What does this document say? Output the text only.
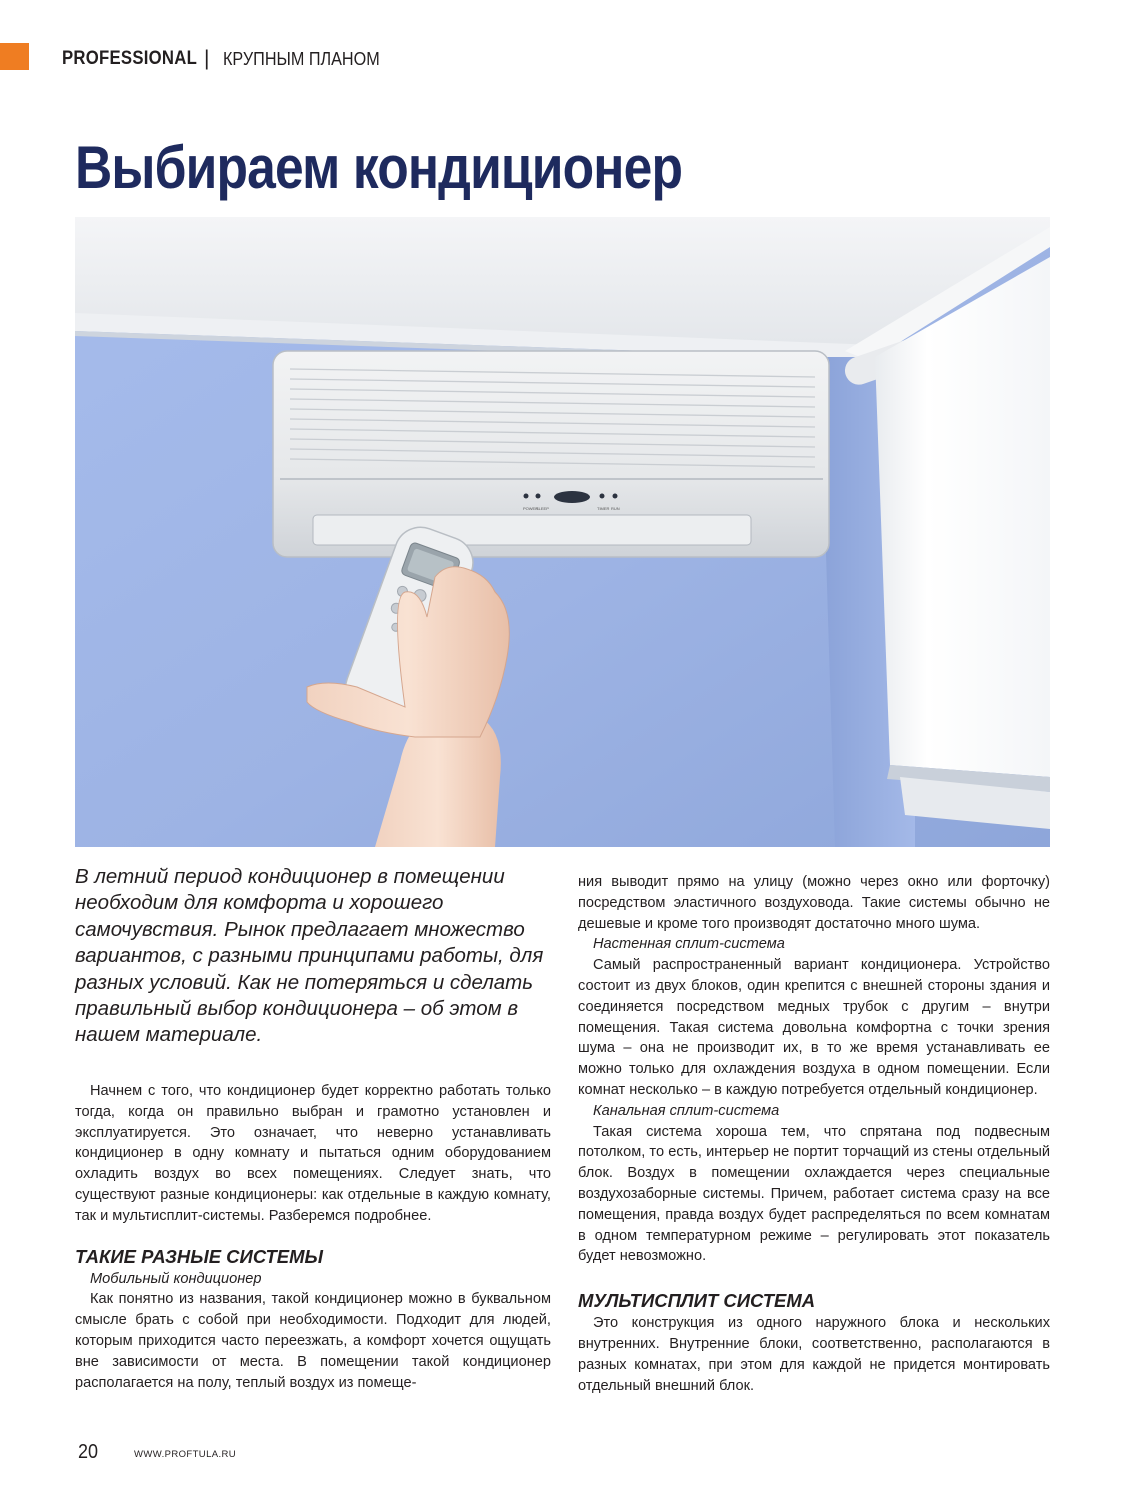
PROFESSIONAL | КРУПНЫМ ПЛАНОМ
Выбираем кондиционер
POWER
SLEEP	TIMER RUN

В летний период кондиционер в помещении необходим для комфорта и хорошего самочувствия. Рынок предлагает множество вариантов, с разными принципами работы, для разных условий. Как не потеряться и сделать правильный выбор кондиционера – об этом в нашем материале.

Начнем с того, что кондиционер будет корректно работать только тогда, когда он правильно выбран и грамотно установлен и эксплуатируется. Это означает, что неверно устанавливать кондиционер в одну комнату и пытаться одним оборудованием охладить воздух во всех помещениях. Следует знать, что существуют разные кондиционеры: как отдельные в каждую комнату, так и мультисплит-системы. Разберемся подробнее.

ТАКИЕ РАЗНЫЕ СИСТЕМЫ

Мобильный кондиционер

Как понятно из названия, такой кондиционер можно в буквальном смысле брать с собой при необходимости. Подходит для людей, которым приходится часто переезжать, а комфорт хочется ощущать вне зависимости от места. В помещении такой кондиционер располагается на полу, теплый воздух из помеще-

ния выводит прямо на улицу (можно через окно или форточку) посредством эластичного воздуховода. Такие системы обычно не дешевые и кроме того производят достаточно много шума.

Настенная сплит-система

Самый распространенный вариант кондиционера. Устройство состоит из двух блоков, один крепится с внешней стороны здания и соединяется посредством медных трубок с другим – внутри помещения. Такая система довольна комфортна с точки зрения шума – она не производит их, в то же время устанавливать ее можно только для охлаждения воздуха в одном помещении. Если комнат несколько – в каждую потребуется отдельный кондиционер.

Канальная сплит-система

Такая система хороша тем, что спрятана под подвесным потолком, то есть, интерьер не портит торчащий из стены отдельный блок. Воздух в помещении охлаждается через специальные воздухозаборные системы. Причем, работает система сразу на все помещения, правда воздух будет распределяться по всем комнатам в одном температурном режиме – регулировать этот показатель будет невозможно.

МУЛЬТИСПЛИТ СИСТЕМА

Это конструкция из одного наружного блока и нескольких внутренних. Внутренние блоки, соответственно, располагаются в разных комнатах, при этом для каждой не придется монтировать отдельный внешний блок.

20	WWW.PROFTULA.RU
